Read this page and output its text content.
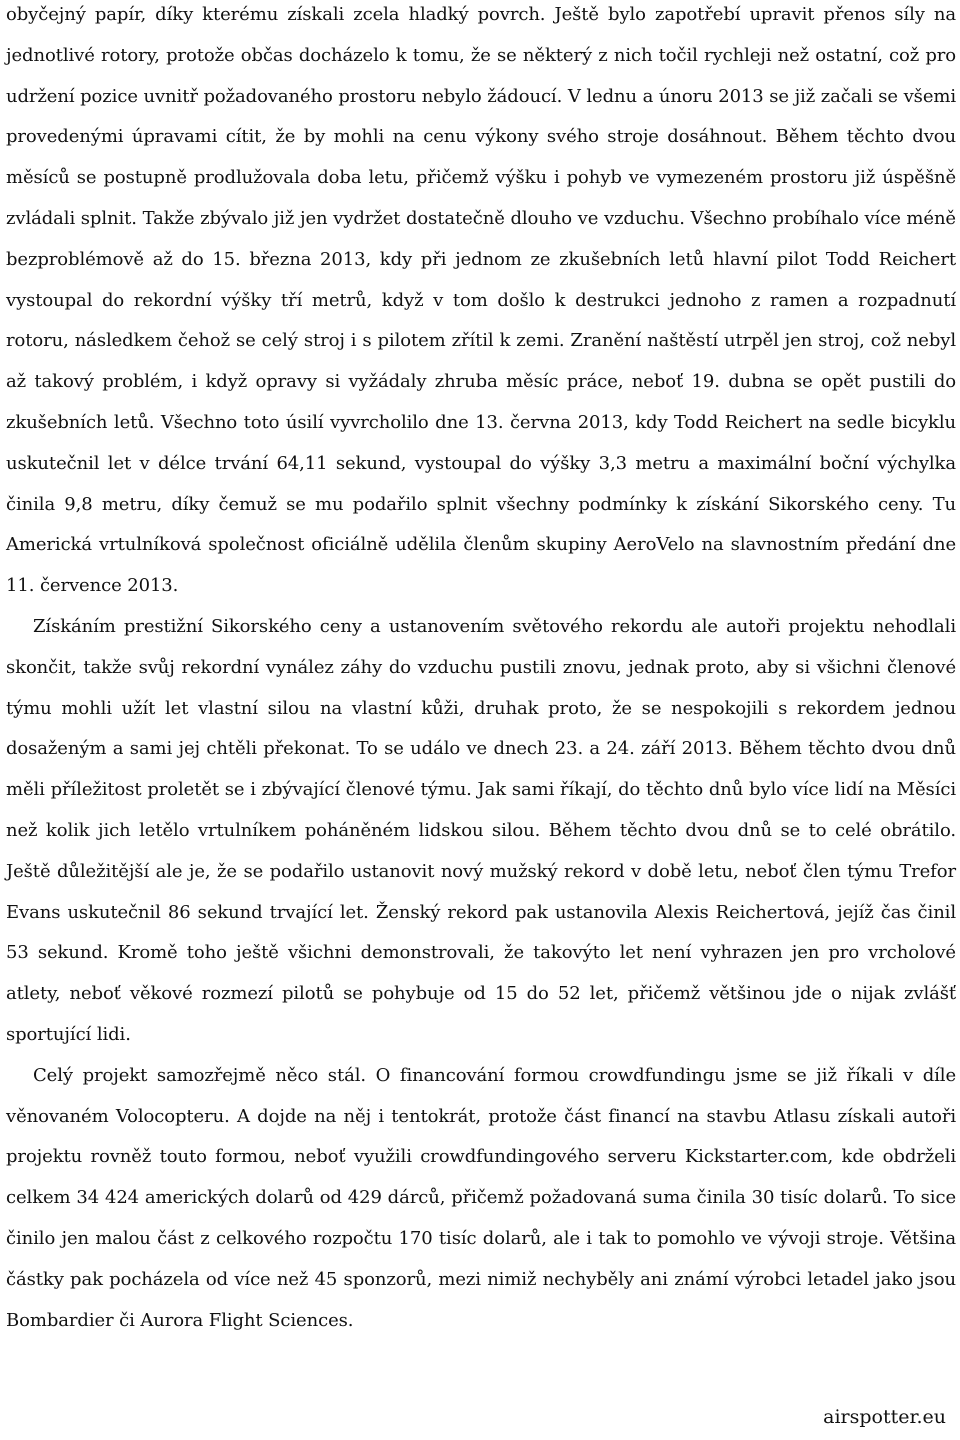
obyčejný papír, díky kterému získali zcela hladký povrch. Ještě bylo zapotřebí upravit přenos síly na jednotlivé rotory, protože občas docházelo k tomu, že se některý z nich točil rychleji než ostatní, což pro udržení pozice uvnitř požadovaného prostoru nebylo žádoucí. V lednu a únoru 2013 se již začali se všemi provedenými úpravami cítit, že by mohli na cenu výkony svého stroje dosáhnout. Během těchto dvou měsíců se postupně prodlužovala doba letu, přičemž výšku i pohyb ve vymezeném prostoru již úspěšně zvládali splnit. Takže zbývalo již jen vydržet dostatečně dlouho ve vzduchu. Všechno probíhalo více méně bezproblémově až do 15. března 2013, kdy při jednom ze zkušebních letů hlavní pilot Todd Reichert vystoupal do rekordní výšky tří metrů, když v tom došlo k destrukci jednoho z ramen a rozpadnutí rotoru, následkem čehož se celý stroj i s pilotem zřítil k zemi. Zranění naštěstí utrpěl jen stroj, což nebyl až takový problém, i když opravy si vyžádaly zhruba měsíc práce, neboť 19. dubna se opět pustili do zkušebních letů. Všechno toto úsilí vyvrcholilo dne 13. června 2013, kdy Todd Reichert na sedle bicyklu uskutečnil let v délce trvání 64,11 sekund, vystoupal do výšky 3,3 metru a maximální boční výchylka činila 9,8 metru, díky čemuž se mu podařilo splnit všechny podmínky k získání Sikorského ceny. Tu Americká vrtulníková společnost oficiálně udělila členům skupiny AeroVelo na slavnostním předání dne 11. července 2013.

Získáním prestižní Sikorského ceny a ustanovením světového rekordu ale autoři projektu nehodlali skončit, takže svůj rekordní vynález záhy do vzduchu pustili znovu, jednak proto, aby si všichni členové týmu mohli užít let vlastní silou na vlastní kůži, druhak proto, že se nespokojili s rekordem jednou dosaženým a sami jej chtěli překonat. To se událo ve dnech 23. a 24. září 2013. Během těchto dvou dnů měli příležitost proletět se i zbývající členové týmu. Jak sami říkají, do těchto dnů bylo více lidí na Měsíci než kolik jich letělo vrtulníkem poháněném lidskou silou. Během těchto dvou dnů se to celé obrátilo. Ještě důležitější ale je, že se podařilo ustanovit nový mužský rekord v době letu, neboť člen týmu Trefor Evans uskutečnil 86 sekund trvající let. Ženský rekord pak ustanovila Alexis Reichertová, jejíž čas činil 53 sekund. Kromě toho ještě všichni demonstrovali, že takovýto let není vyhrazen jen pro vrcholové atlety, neboť věkové rozmezí pilotů se pohybuje od 15 do 52 let, přičemž většinou jde o nijak zvlášť sportující lidi.

Celý projekt samozřejmě něco stál. O financování formou crowdfundingu jsme se již říkali v díle věnovaném Volocopteru. A dojde na něj i tentokrát, protože část financí na stavbu Atlasu získali autoři projektu rovněž touto formou, neboť využili crowdfundingového serveru Kickstarter.com, kde obdrželi celkem 34 424 amerických dolarů od 429 dárců, přičemž požadovaná suma činila 30 tisíc dolarů. To sice činilo jen malou část z celkového rozpočtu 170 tisíc dolarů, ale i tak to pomohlo ve vývoji stroje. Většina částky pak pocházela od více než 45 sponzorů, mezi nimiž nechyběly ani známí výrobci letadel jako jsou Bombardier či Aurora Flight Sciences.

airspotter.eu
